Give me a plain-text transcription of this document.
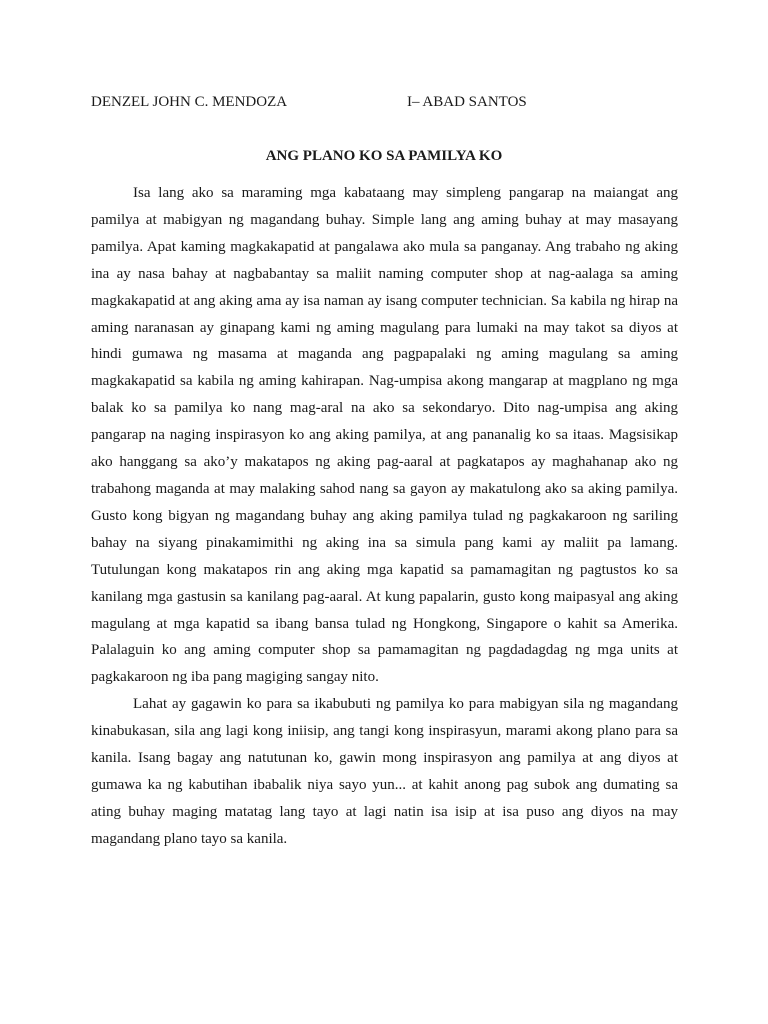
DENZEL JOHN C. MENDOZA	I– ABAD SANTOS
ANG PLANO KO SA PAMILYA KO

Isa lang ako sa maraming mga kabataang may simpleng pangarap na maiangat ang pamilya at mabigyan ng magandang buhay. Simple lang ang aming buhay at may masayang pamilya. Apat kaming magkakapatid at pangalawa ako mula sa panganay. Ang trabaho ng aking ina ay nasa bahay at nagbabantay sa maliit naming computer shop at nag-aalaga sa aming magkakapatid at ang aking ama ay isa naman ay isang computer technician. Sa kabila ng hirap na aming naranasan ay ginapang kami ng aming magulang para lumaki na may takot sa diyos at hindi gumawa ng masama at maganda ang pagpapalaki ng aming magulang sa aming magkakapatid sa kabila ng aming kahirapan. Nag-umpisa akong mangarap at magplano ng mga balak ko sa pamilya ko nang mag-aral na ako sa sekondaryo. Dito nag-umpisa ang aking pangarap na naging inspirasyon ko ang aking pamilya, at ang pananalig ko sa itaas. Magsisikap ako hanggang sa ako’y makatapos ng aking pag-aaral at pagkatapos ay maghahanap ako ng trabahong maganda at may malaking sahod nang sa gayon ay makatulong ako sa aking pamilya. Gusto kong bigyan ng magandang buhay ang aking pamilya tulad ng pagkakaroon ng sariling bahay na siyang pinakamimithi ng aking ina sa simula pang kami ay maliit pa lamang. Tutulungan kong makatapos rin ang aking mga kapatid sa pamamagitan ng pagtustos ko sa kanilang mga gastusin sa kanilang pag-aaral. At kung papalarin, gusto kong maipasyal ang aking magulang at mga kapatid sa ibang bansa tulad ng Hongkong, Singapore o kahit sa Amerika. Palalaguin ko ang aming computer shop sa pamamagitan ng pagdadagdag ng mga units at pagkakaroon ng iba pang magiging sangay nito.

Lahat ay gagawin ko para sa ikabubuti ng pamilya ko para mabigyan sila ng magandang kinabukasan, sila ang lagi kong iniisip, ang tangi kong inspirasyun, marami akong plano para sa kanila. Isang bagay ang natutunan ko, gawin mong inspirasyon ang pamilya at ang diyos at gumawa ka ng kabutihan ibabalik niya sayo yun... at kahit anong pag subok ang dumating sa ating buhay maging matatag lang tayo at lagi natin isa isip at isa puso ang diyos na may magandang plano tayo sa kanila.
